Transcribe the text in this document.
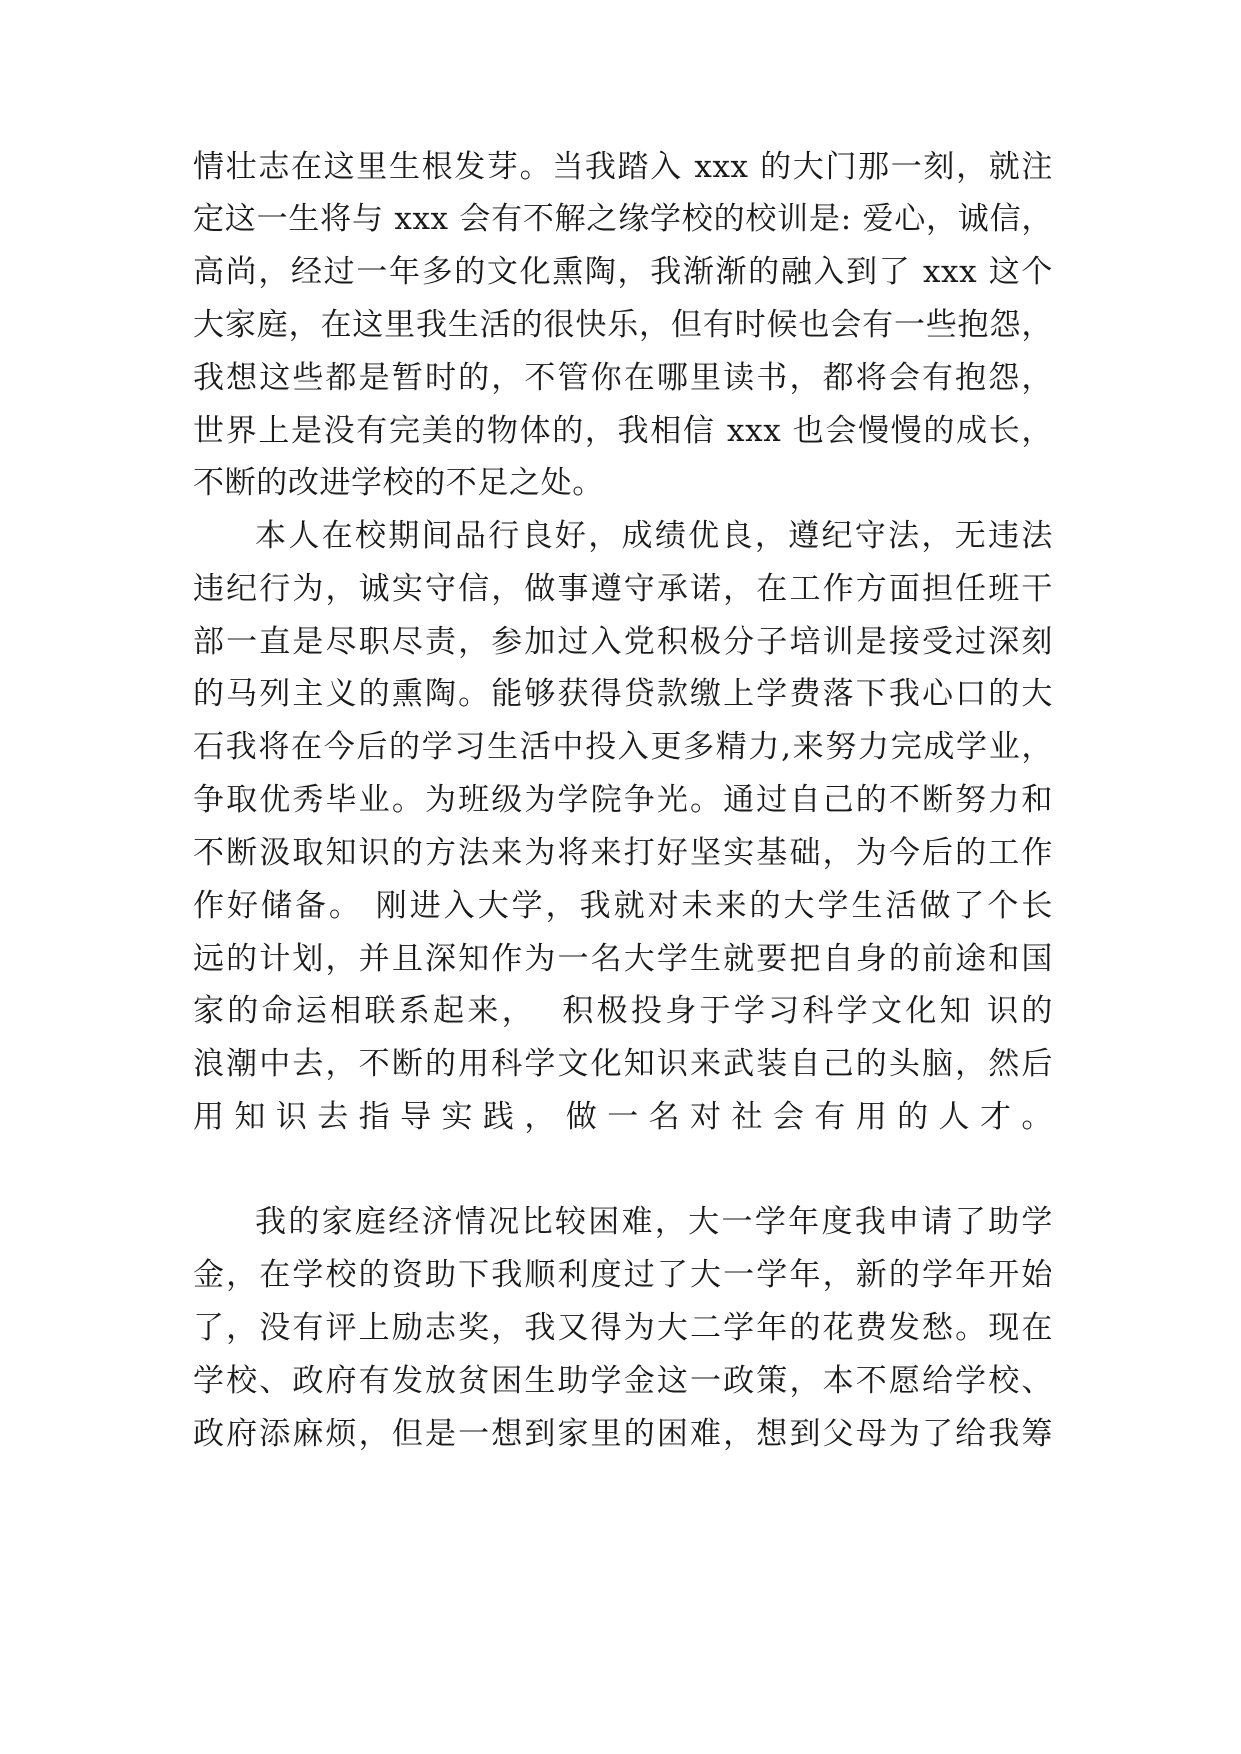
情壮志在这里生根发芽。当我踏入 xxx 的大门那一刻，就注
定这一生将与 xxx 会有不解之缘学校的校训是: 爱心，诚信，
高尚，经过一年多的文化熏陶，我渐渐的融入到了 xxx 这个
大家庭，在这里我生活的很快乐，但有时候也会有一些抱怨，
我想这些都是暂时的，不管你在哪里读书，都将会有抱怨，
世界上是没有完美的物体的，我相信 xxx 也会慢慢的成长，
不断的改进学校的不足之处。
本人在校期间品行良好，成绩优良，遵纪守法，无违法
违纪行为，诚实守信，做事遵守承诺，在工作方面担任班干
部一直是尽职尽责，参加过入党积极分子培训是接受过深刻
的马列主义的熏陶。能够获得贷款缴上学费落下我心口的大
石我将在今后的学习生活中投入更多精力,来努力完成学业，
争取优秀毕业。为班级为学院争光。通过自己的不断努力和
不断汲取知识的方法来为将来打好坚实基础，为今后的工作
作好储备。 刚进入大学，我就对未来的大学生活做了个长
远的计划，并且深知作为一名大学生就要把自身的前途和国
家的命运相联系起来，  积极投身于学习科学文化知 识的
浪潮中去，不断的用科学文化知识来武装自己的头脑，然后
用知识去指导实践，做一名对社会有用的人才。
我的家庭经济情况比较困难，大一学年度我申请了助学
金，在学校的资助下我顺利度过了大一学年，新的学年开始
了，没有评上励志奖，我又得为大二学年的花费发愁。现在
学校、政府有发放贫困生助学金这一政策，本不愿给学校、
政府添麻烦，但是一想到家里的困难，想到父母为了给我筹
